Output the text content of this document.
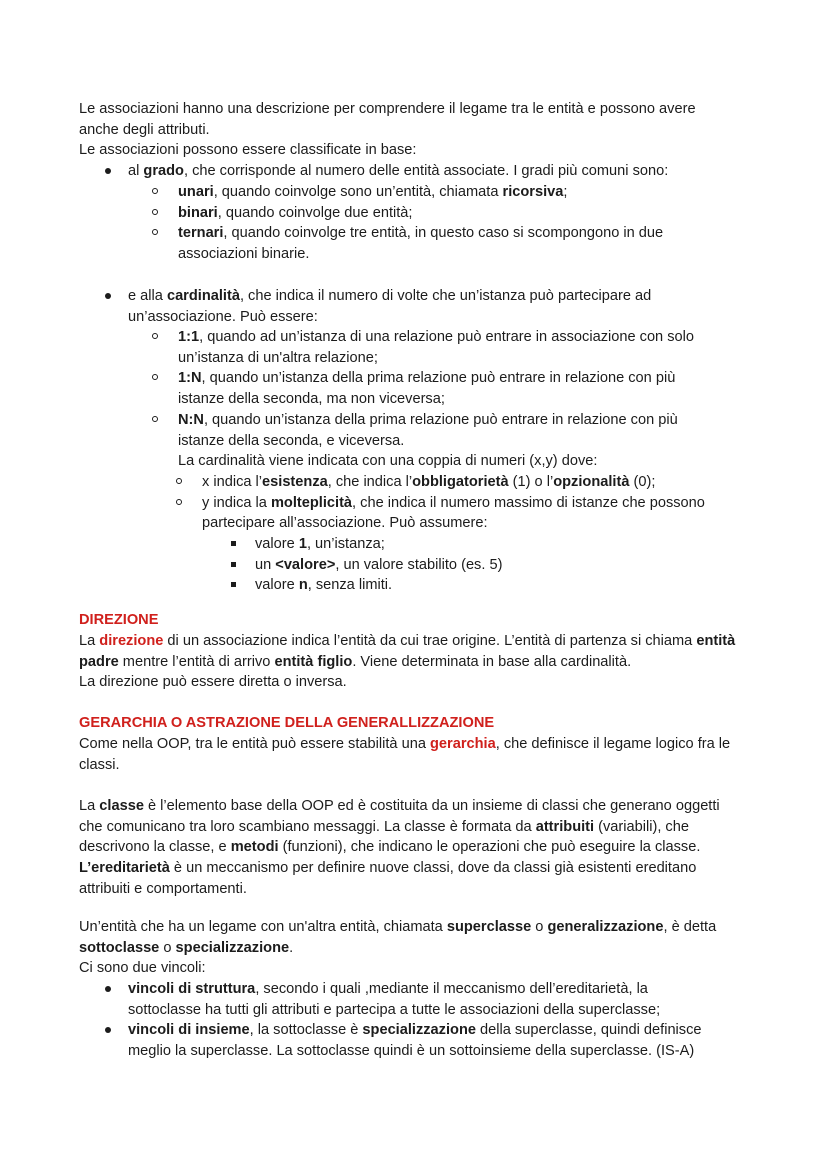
Le associazioni hanno una descrizione per comprendere il legame tra le entità e possono avere anche degli attributi.
Le associazioni possono essere classificate in base:

al grado, che corrisponde al numero delle entità associate. I gradi più comuni sono:
unari, quando coinvolge sono un’entità, chiamata ricorsiva;
binari, quando coinvolge due entità;
ternari, quando coinvolge tre entità, in questo caso si scompongono in due associazioni binarie.
e alla cardinalità, che indica il numero di volte che un’istanza può partecipare ad un’associazione. Può essere:
1:1, quando ad un’istanza di una relazione può entrare in associazione con solo un’istanza di un'altra relazione;
1:N, quando un’istanza della prima relazione può entrare in relazione con più istanze della seconda, ma non viceversa;
N:N, quando un’istanza della prima relazione può entrare in relazione con più istanze della seconda, e viceversa.

La cardinalità viene indicata con una coppia di numeri (x,y) dove:

x indica l’esistenza, che indica l’obbligatorietà (1) o l’opzionalità (0);
y indica la molteplicità, che indica il numero massimo di istanze che possono partecipare all’associazione. Può assumere:
valore 1, un’istanza;
un <valore>, un valore stabilito (es. 5)
valore n, senza limiti.

DIREZIONE

La direzione di un associazione indica l’entità da cui trae origine. L’entità di partenza si chiama entità padre mentre l’entità di arrivo entità figlio. Viene determinata in base alla cardinalità.
La direzione può essere diretta o inversa.

GERARCHIA O ASTRAZIONE DELLA GENERALLIZZAZIONE

Come nella OOP, tra le entità può essere stabilità una gerarchia, che definisce il legame logico fra le classi.

La classe è l’elemento base della OOP ed è costituita da un insieme di classi che generano oggetti che comunicano tra loro scambiano messaggi. La classe è formata da attribuiti (variabili), che descrivono la classe, e metodi (funzioni), che indicano le operazioni che può eseguire la classe.
L’ereditarietà è un meccanismo per definire nuove classi, dove da classi già esistenti ereditano attribuiti e comportamenti.

Un’entità che ha un legame con un'altra entità, chiamata superclasse o generalizzazione, è detta sottoclasse o specializzazione.
Ci sono due vincoli:

vincoli di struttura, secondo i quali ,mediante il meccanismo dell’ereditarietà, la sottoclasse ha tutti gli attributi e partecipa a tutte le associazioni della superclasse;
vincoli di insieme, la sottoclasse è specializzazione della superclasse, quindi definisce meglio la superclasse. La sottoclasse quindi è un sottoinsieme della superclasse. (IS-A)
